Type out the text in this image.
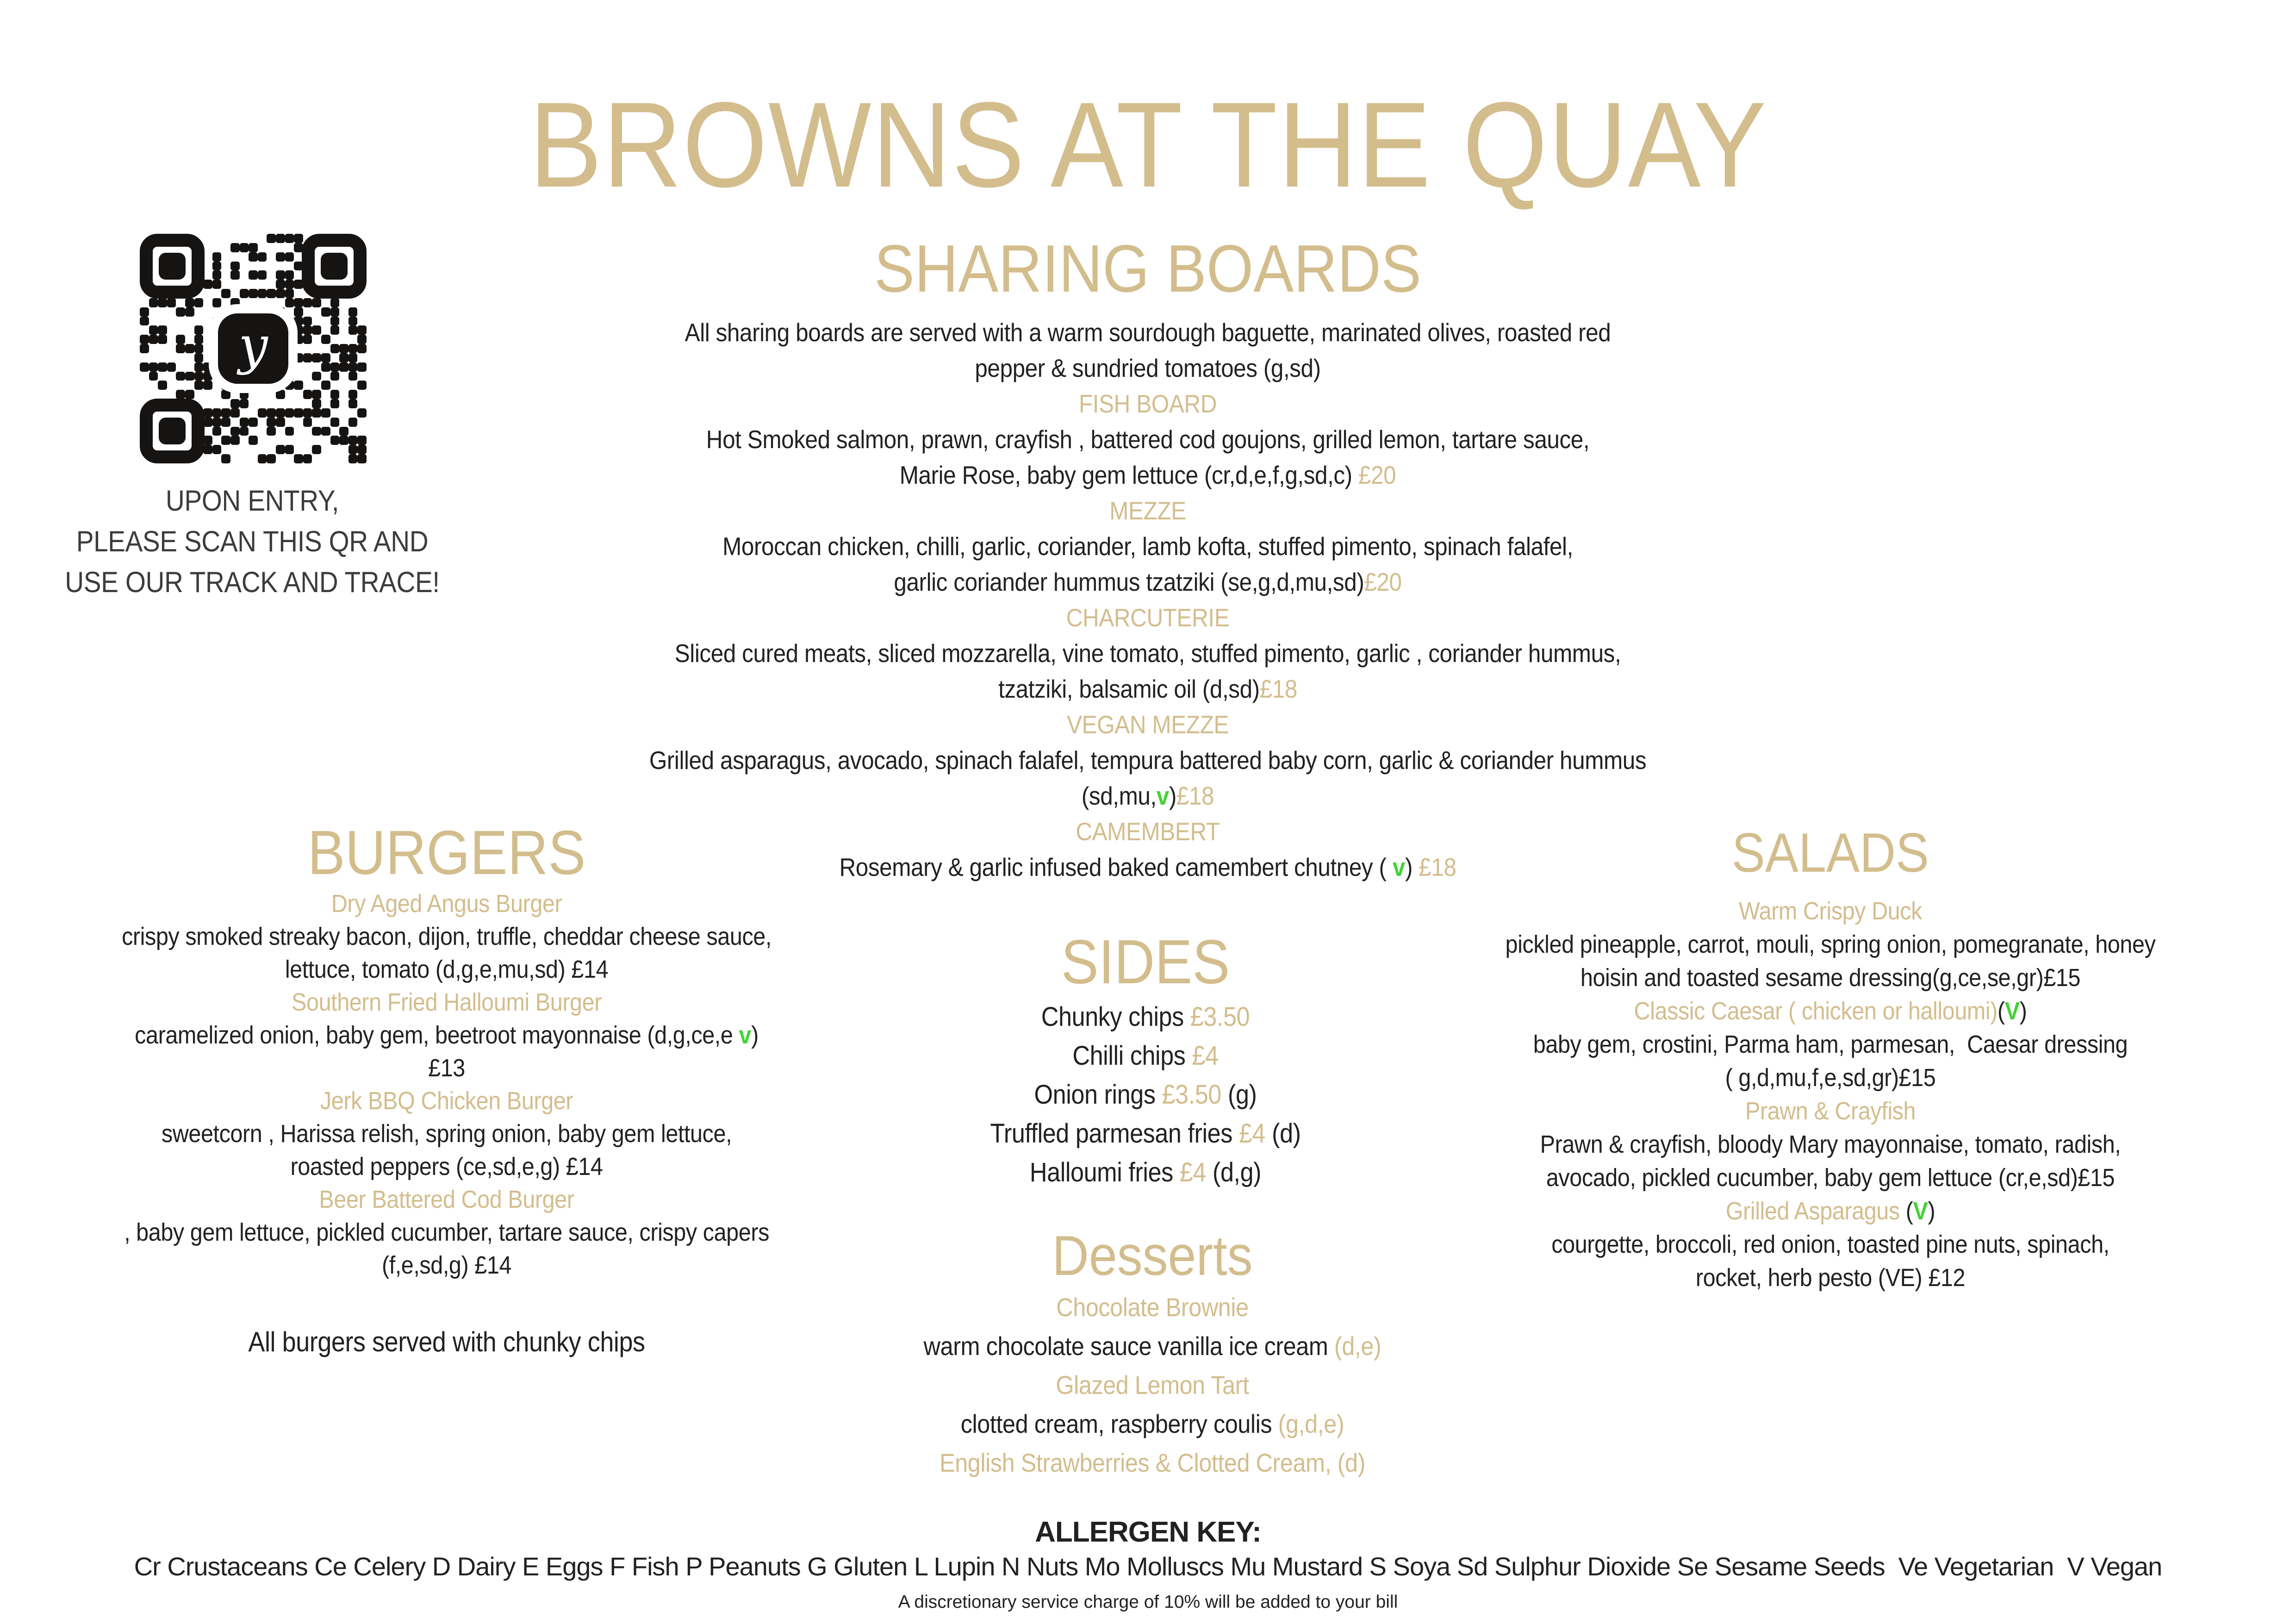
BROWNS AT THE QUAY
y
UPON ENTRY,
PLEASE SCAN THIS QR AND
USE OUR TRACK AND TRACE!
SHARING BOARDS
All sharing boards are served with a warm sourdough baguette, marinated olives, roasted red
pepper & sundried tomatoes (g,sd)
FISH BOARD
Hot Smoked salmon, prawn, crayfish , battered cod goujons, grilled lemon, tartare sauce,
Marie Rose, baby gem lettuce (cr,d,e,f,g,sd,c) £20
MEZZE
Moroccan chicken, chilli, garlic, coriander, lamb kofta, stuffed pimento, spinach falafel,
garlic coriander hummus tzatziki (se,g,d,mu,sd)£20
CHARCUTERIE
Sliced cured meats, sliced mozzarella, vine tomato, stuffed pimento, garlic , coriander hummus,
tzatziki, balsamic oil (d,sd)£18
VEGAN MEZZE
Grilled asparagus, avocado, spinach falafel, tempura battered baby corn, garlic & coriander hummus
(sd,mu,v)£18
CAMEMBERT
Rosemary & garlic infused baked camembert chutney ( v) £18
BURGERS
Dry Aged Angus Burger
crispy smoked streaky bacon, dijon, truffle, cheddar cheese sauce,
lettuce, tomato (d,g,e,mu,sd) £14
Southern Fried Halloumi Burger
caramelized onion, baby gem, beetroot mayonnaise (d,g,ce,e v)
£13
Jerk BBQ Chicken Burger
sweetcorn , Harissa relish, spring onion, baby gem lettuce,
roasted peppers (ce,sd,e,g) £14
Beer Battered Cod Burger
, baby gem lettuce, pickled cucumber, tartare sauce, crispy capers
(f,e,sd,g) £14
All burgers served with chunky chips
SIDES
Chunky chips £3.50
Chilli chips £4
Onion rings £3.50 (g)
Truffled parmesan fries £4 (d)
Halloumi fries £4 (d,g)
Desserts
Chocolate Brownie
warm chocolate sauce vanilla ice cream (d,e)
Glazed Lemon Tart
clotted cream, raspberry coulis (g,d,e)
English Strawberries & Clotted Cream, (d)
SALADS
Warm Crispy Duck
pickled pineapple, carrot, mouli, spring onion, pomegranate, honey
hoisin and toasted sesame dressing(g,ce,se,gr)£15
Classic Caesar ( chicken or halloumi)(V)
baby gem, crostini, Parma ham, parmesan,  Caesar dressing
( g,d,mu,f,e,sd,gr)£15
Prawn & Crayfish
Prawn & crayfish, bloody Mary mayonnaise, tomato, radish,
avocado, pickled cucumber, baby gem lettuce (cr,e,sd)£15
Grilled Asparagus (V)
courgette, broccoli, red onion, toasted pine nuts, spinach,
rocket, herb pesto (VE) £12
ALLERGEN KEY:
Cr Crustaceans Ce Celery D Dairy E Eggs F Fish P Peanuts G Gluten L Lupin N Nuts Mo Molluscs Mu Mustard S Soya Sd Sulphur Dioxide Se Sesame Seeds  Ve Vegetarian  V Vegan
A discretionary service charge of 10% will be added to your bill
